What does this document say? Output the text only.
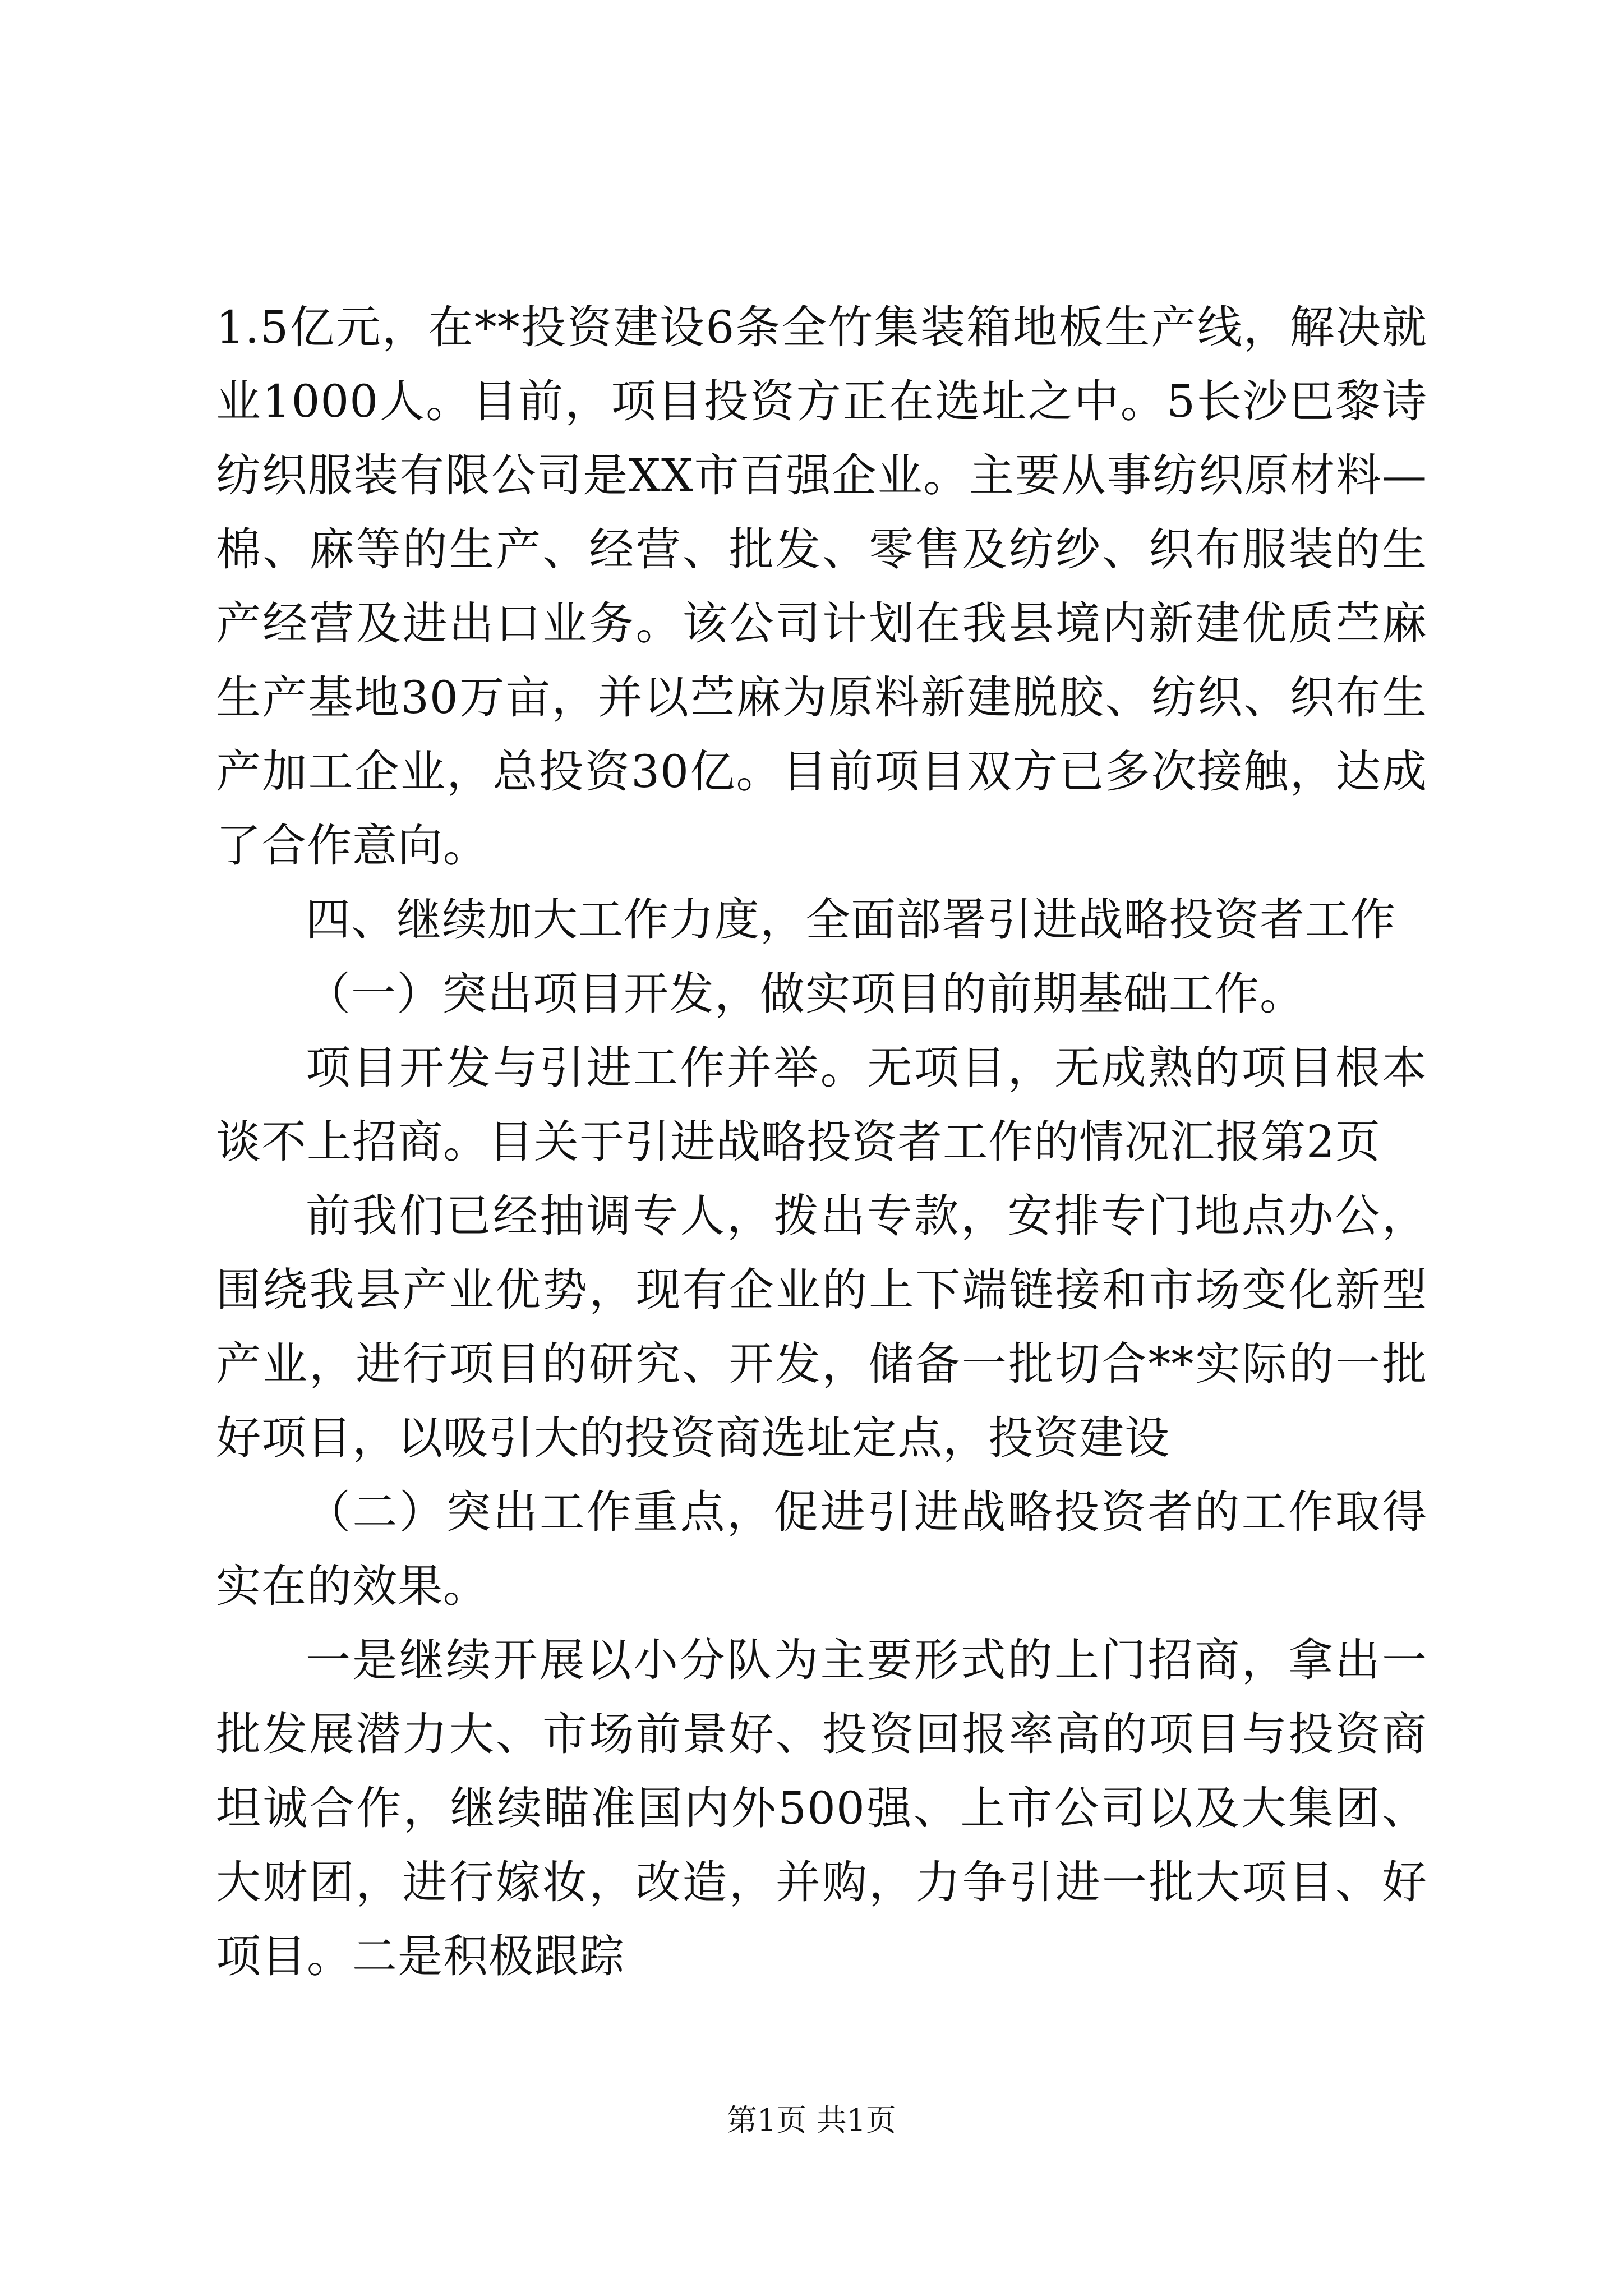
1.5亿元，在**投资建设6条全竹集装箱地板生产线，解决就业1000人。目前，项目投资方正在选址之中。5长沙巴黎诗纺织服装有限公司是XX市百强企业。主要从事纺织原材料—棉、麻等的生产、经营、批发、零售及纺纱、织布服装的生产经营及进出口业务。该公司计划在我县境内新建优质苎麻生产基地30万亩，并以苎麻为原料新建脱胶、纺织、织布生产加工企业，总投资30亿。目前项目双方已多次接触，达成了合作意向。

四、继续加大工作力度，全面部署引进战略投资者工作

（一）突出项目开发，做实项目的前期基础工作。

项目开发与引进工作并举。无项目，无成熟的项目根本谈不上招商。目关于引进战略投资者工作的情况汇报第2页

前我们已经抽调专人，拨出专款，安排专门地点办公，围绕我县产业优势，现有企业的上下端链接和市场变化新型产业，进行项目的研究、开发，储备一批切合**实际的一批好项目，以吸引大的投资商选址定点，投资建设

（二）突出工作重点，促进引进战略投资者的工作取得实在的效果。

一是继续开展以小分队为主要形式的上门招商，拿出一批发展潜力大、市场前景好、投资回报率高的项目与投资商坦诚合作，继续瞄准国内外500强、上市公司以及大集团、大财团，进行嫁妆，改造，并购，力争引进一批大项目、好项目。二是积极跟踪

第1页 共1页
